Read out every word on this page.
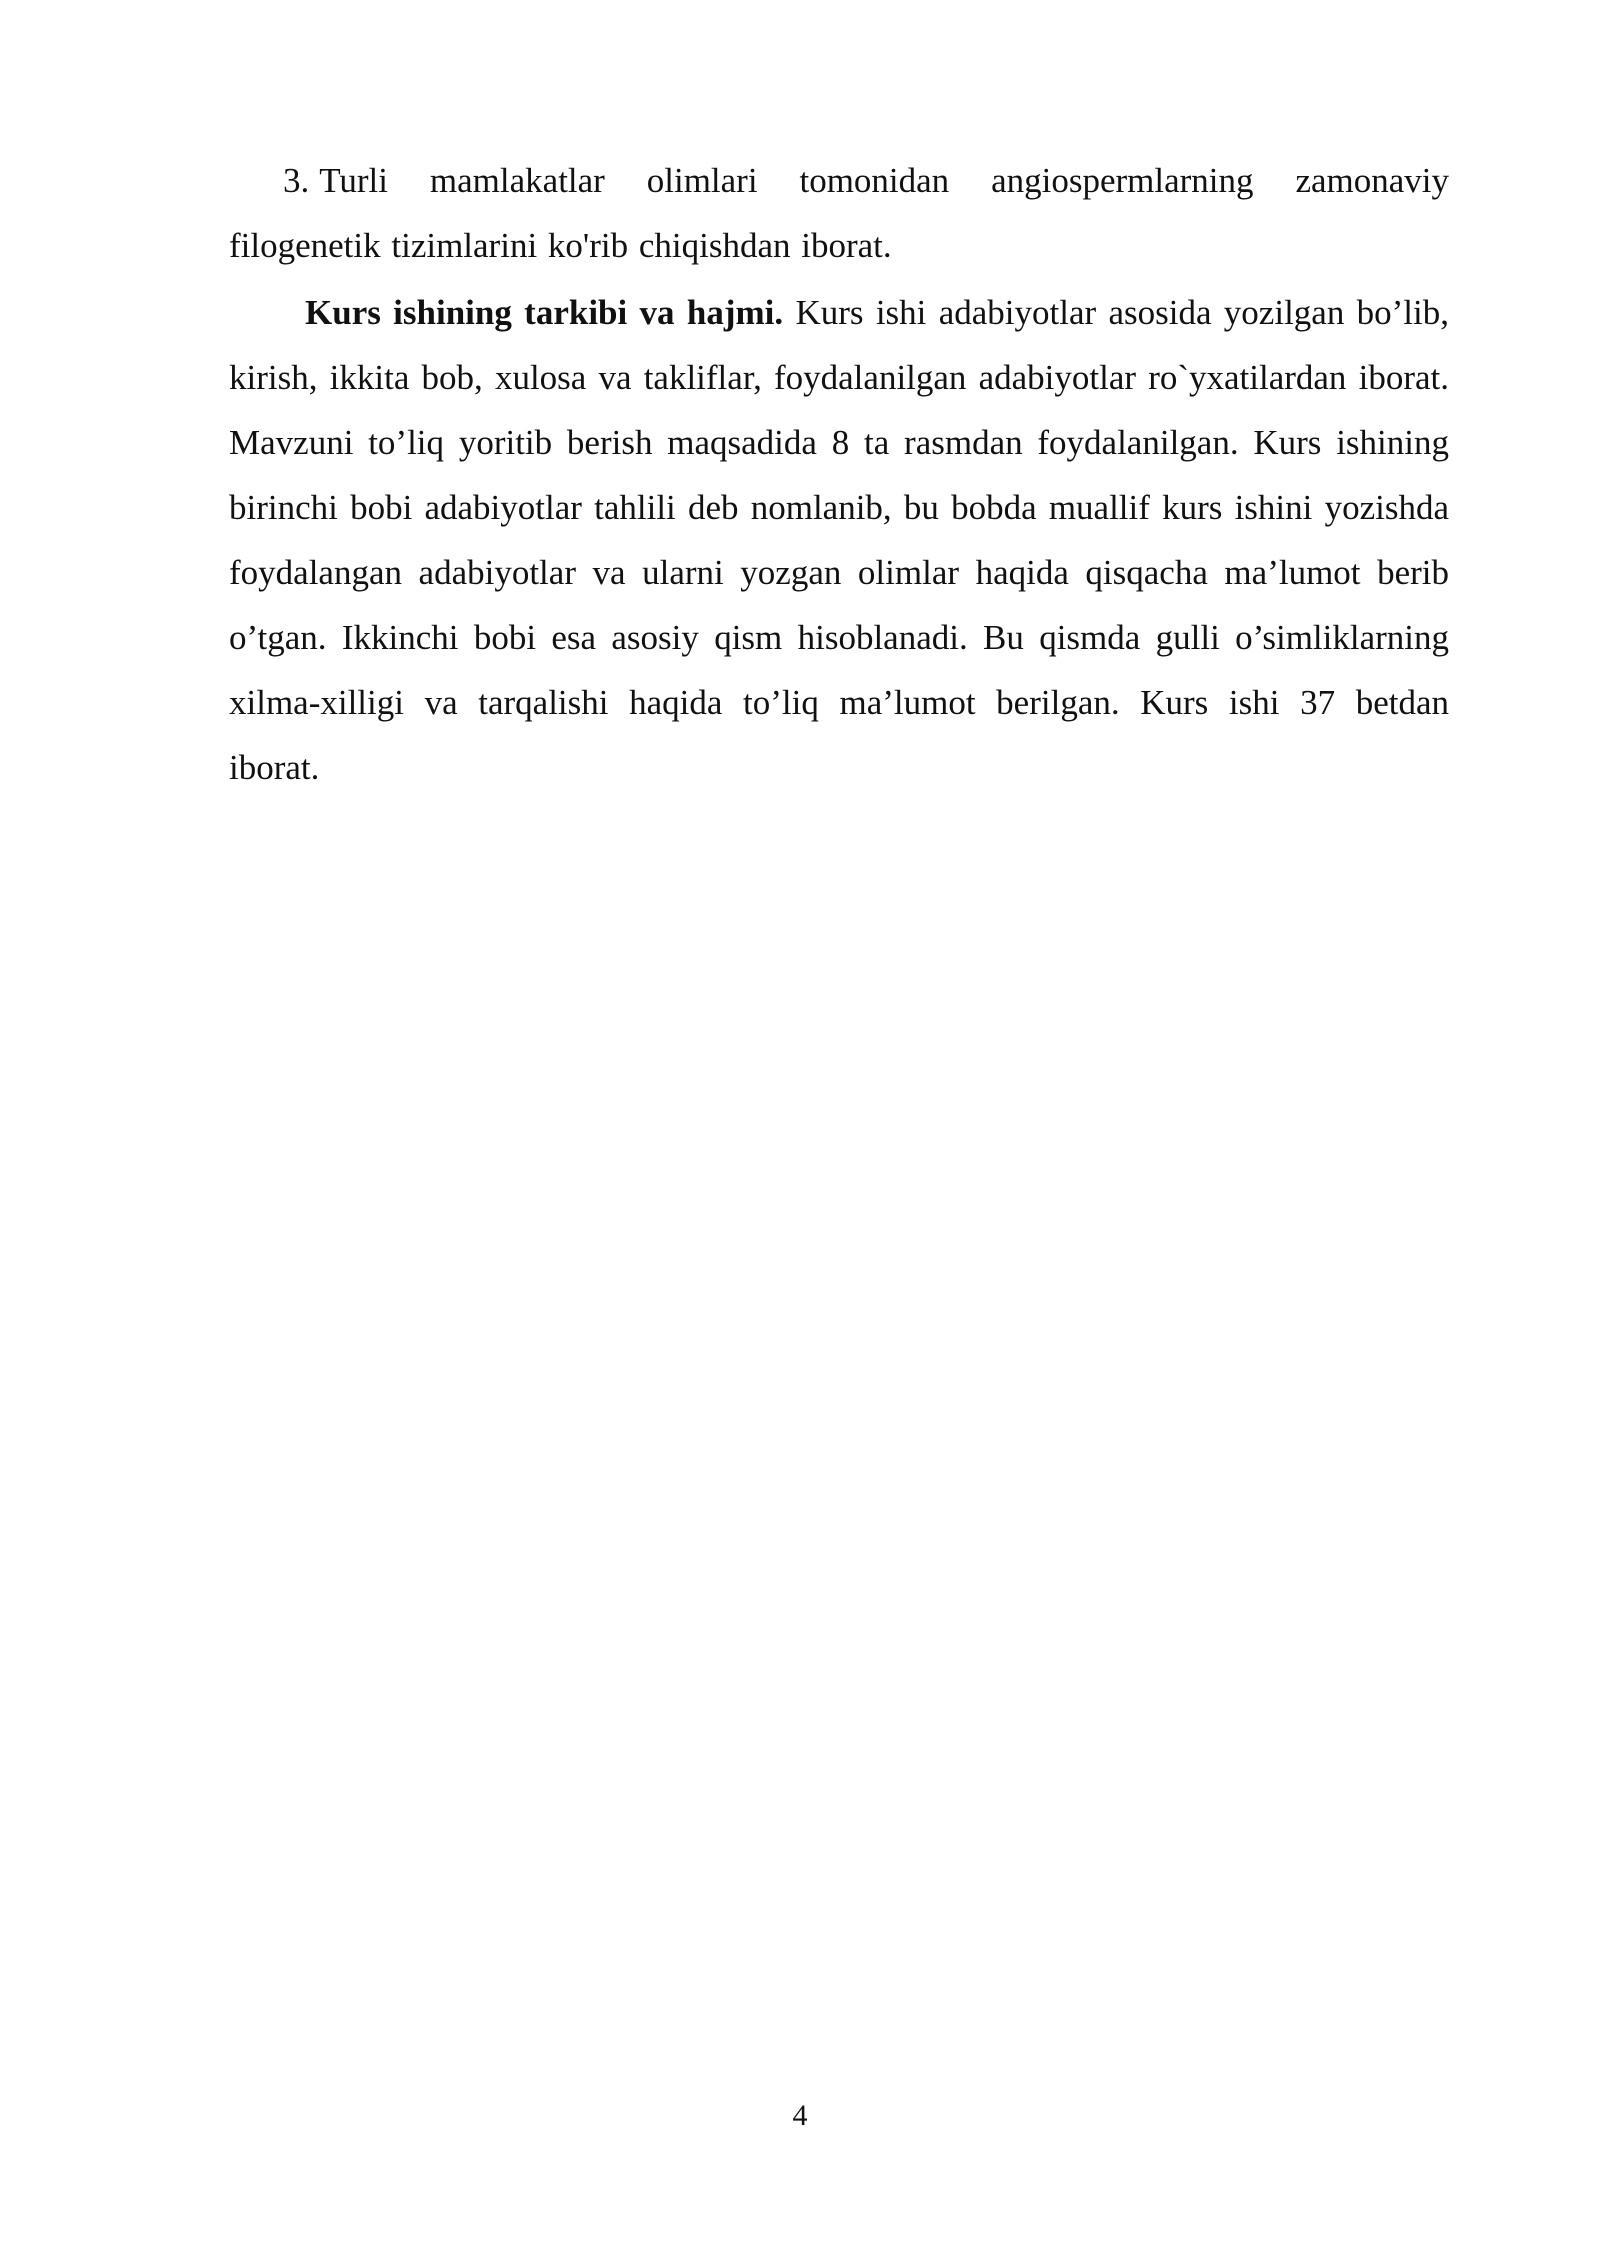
3. Turli mamlakatlar olimlari tomonidan angiospermlarning zamonaviy filogenetik tizimlarini ko'rib chiqishdan iborat.

Kurs ishining tarkibi va hajmi. Kurs ishi adabiyotlar asosida yozilgan bo’lib, kirish, ikkita bob, xulosa va takliflar, foydalanilgan adabiyotlar ro`yxatilardan iborat. Mavzuni to’liq yoritib berish maqsadida 8 ta rasmdan foydalanilgan. Kurs ishining birinchi bobi adabiyotlar tahlili deb nomlanib, bu bobda muallif kurs ishini yozishda foydalangan adabiyotlar va ularni yozgan olimlar haqida qisqacha ma’lumot berib o’tgan. Ikkinchi bobi esa asosiy qism hisoblanadi. Bu qismda gulli o’simliklarning xilma-xilligi va tarqalishi haqida to’liq ma’lumot berilgan. Kurs ishi 37 betdan iborat.

4
